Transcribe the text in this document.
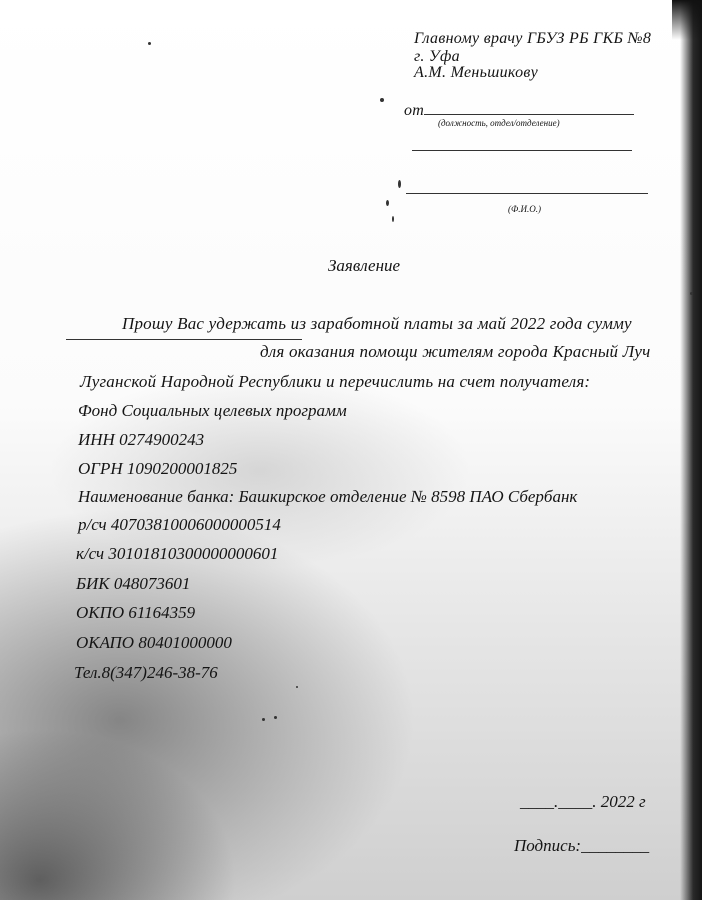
Главному врачу ГБУЗ РБ ГКБ №8
г. Уфа
А.М. Меньшикову
от
(должность, отдел/отделение)
(Ф.И.О.)
Заявление
Прошу Вас удержать из заработной платы за май 2022 года сумму
для оказания помощи жителям города Красный Луч
Луганской Народной Республики и перечислить на счет получателя:
Фонд Социальных целевых программ
ИНН 0274900243
ОГРН 1090200001825
Наименование банка: Башкирское отделение № 8598 ПАО Сбербанк
р/сч 40703810006000000514
к/сч 30101810300000000601
БИК 048073601
ОКПО 61164359
ОКАПО 80401000000
Тел.8(347)246-38-76
____.____. 2022 г
Подпись:________
